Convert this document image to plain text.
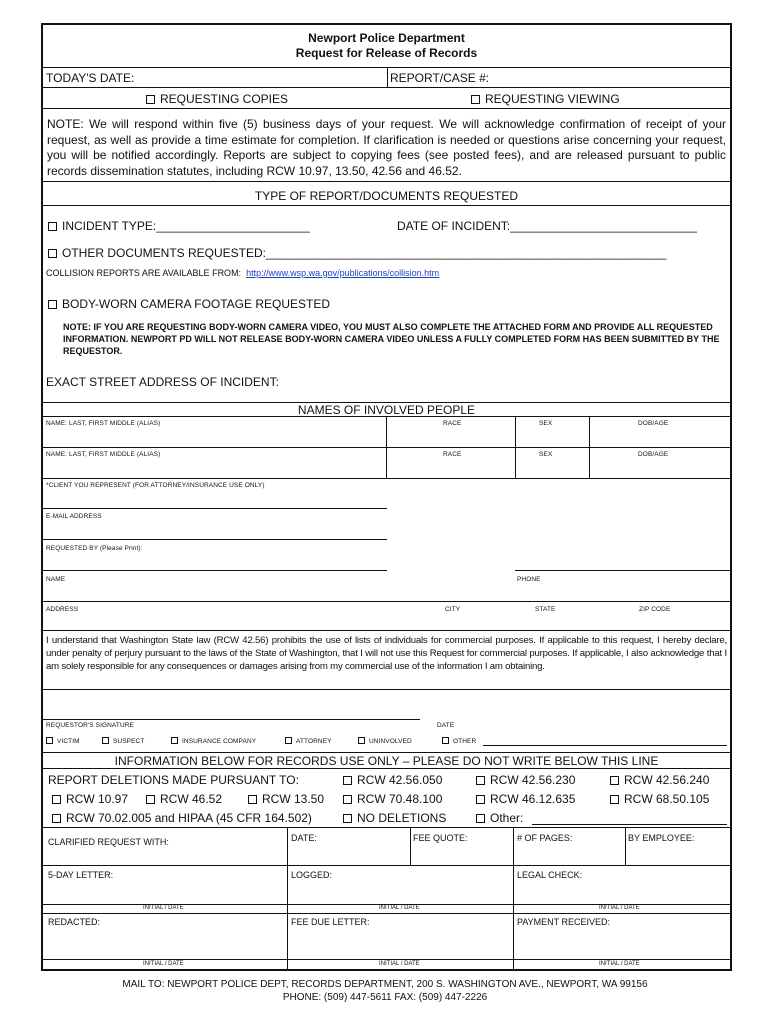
Newport Police Department
Request for Release of Records
TODAY'S DATE:	REPORT/CASE #:
REQUESTING COPIES	REQUESTING VIEWING
NOTE: We will respond within five (5) business days of your request. We will acknowledge confirmation of receipt of your request, as well as provide a time estimate for completion. If clarification is needed or questions arise concerning your request, you will be notified accordingly. Reports are subject to copying fees (see posted fees), and are released pursuant to public records dissemination statutes, including RCW 10.97, 13.50, 42.56 and 46.52.
TYPE OF REPORT/DOCUMENTS REQUESTED
INCIDENT TYPE:_______________________	DATE OF INCIDENT:____________________________
OTHER DOCUMENTS REQUESTED:____________________________________________________________
COLLISION REPORTS ARE AVAILABLE FROM: http://www.wsp.wa.gov/publications/collision.htm
BODY-WORN CAMERA FOOTAGE REQUESTED
NOTE: IF YOU ARE REQUESTING BODY-WORN CAMERA VIDEO, YOU MUST ALSO COMPLETE THE ATTACHED FORM AND PROVIDE ALL REQUESTED INFORMATION. NEWPORT PD WILL NOT RELEASE BODY-WORN CAMERA VIDEO UNLESS A FULLY COMPLETED FORM HAS BEEN SUBMITTED BY THE REQUESTOR.
EXACT STREET ADDRESS OF INCIDENT:
NAMES OF INVOLVED PEOPLE
NAME: LAST, FIRST MIDDLE (ALIAS)	RACE	SEX	DOB/AGE
NAME: LAST, FIRST MIDDLE (ALIAS)	RACE	SEX	DOB/AGE
*CLIENT YOU REPRESENT (FOR ATTORNEY/INSURANCE USE ONLY)
E-MAIL ADDRESS
REQUESTED BY (Please Print):
NAME	PHONE
ADDRESS	CITY	STATE	ZIP CODE
I understand that Washington State law (RCW 42.56) prohibits the use of lists of individuals for commercial purposes. If applicable to this request, I hereby declare, under penalty of perjury pursuant to the laws of the State of Washington, that I will not use this Request for commercial purposes. If applicable, I also acknowledge that I am solely responsible for any consequences or damages arising from my commercial use of the information I am obtaining.
REQUESTOR'S SIGNATURE	DATE
VICTIM	SUSPECT	INSURANCE COMPANY	ATTORNEY	UNINVOLVED	OTHER
INFORMATION BELOW FOR RECORDS USE ONLY – PLEASE DO NOT WRITE BELOW THIS LINE
REPORT DELETIONS MADE PURSUANT TO:	RCW 42.56.050	RCW 42.56.230	RCW 42.56.240
RCW 10.97	RCW 46.52	RCW 13.50	RCW 70.48.100	RCW 46.12.635	RCW 68.50.105
RCW 70.02.005 and HIPAA (45 CFR 164.502)	NO DELETIONS	Other:
CLARIFIED REQUEST WITH:	DATE:	FEE QUOTE:	# OF PAGES:	BY EMPLOYEE:
5-DAY LETTER:	LOGGED:	LEGAL CHECK:
INITIAL / DATE	INITIAL / DATE	INITIAL / DATE
REDACTED:	FEE DUE LETTER:	PAYMENT RECEIVED:
INITIAL / DATE	INITIAL / DATE	INITIAL / DATE
MAIL TO: NEWPORT POLICE DEPT, RECORDS DEPARTMENT, 200 S. WASHINGTON AVE., NEWPORT, WA 99156
PHONE: (509) 447-5611 FAX: (509) 447-2226
